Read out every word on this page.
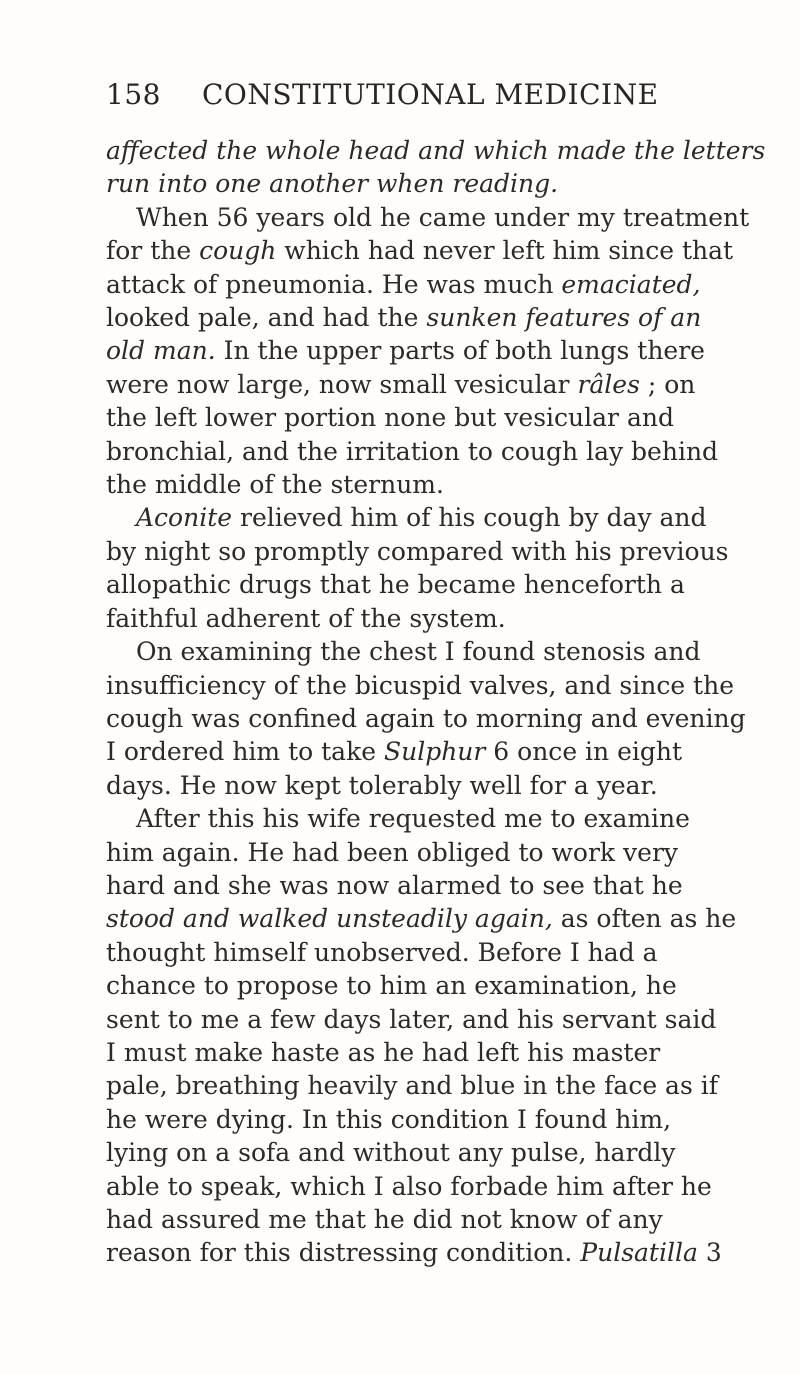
158 CONSTITUTIONAL MEDICINE
affected the whole head and which made the letters
run into one another when reading.
When 56 years old he came under my treatment
for the cough which had never left him since that
attack of pneumonia. He was much emaciated,
looked pale, and had the sunken features of an
old man. In the upper parts of both lungs there
were now large, now small vesicular râles ; on
the left lower portion none but vesicular and
bronchial, and the irritation to cough lay behind
the middle of the sternum.
Aconite relieved him of his cough by day and
by night so promptly compared with his previous
allopathic drugs that he became henceforth a
faithful adherent of the system.
On examining the chest I found stenosis and
insufficiency of the bicuspid valves, and since the
cough was confined again to morning and evening
I ordered him to take Sulphur 6 once in eight
days. He now kept tolerably well for a year.
After this his wife requested me to examine
him again. He had been obliged to work very
hard and she was now alarmed to see that he
stood and walked unsteadily again, as often as he
thought himself unobserved. Before I had a
chance to propose to him an examination, he
sent to me a few days later, and his servant said
I must make haste as he had left his master
pale, breathing heavily and blue in the face as if
he were dying. In this condition I found him,
lying on a sofa and without any pulse, hardly
able to speak, which I also forbade him after he
had assured me that he did not know of any
reason for this distressing condition. Pulsatilla 3
